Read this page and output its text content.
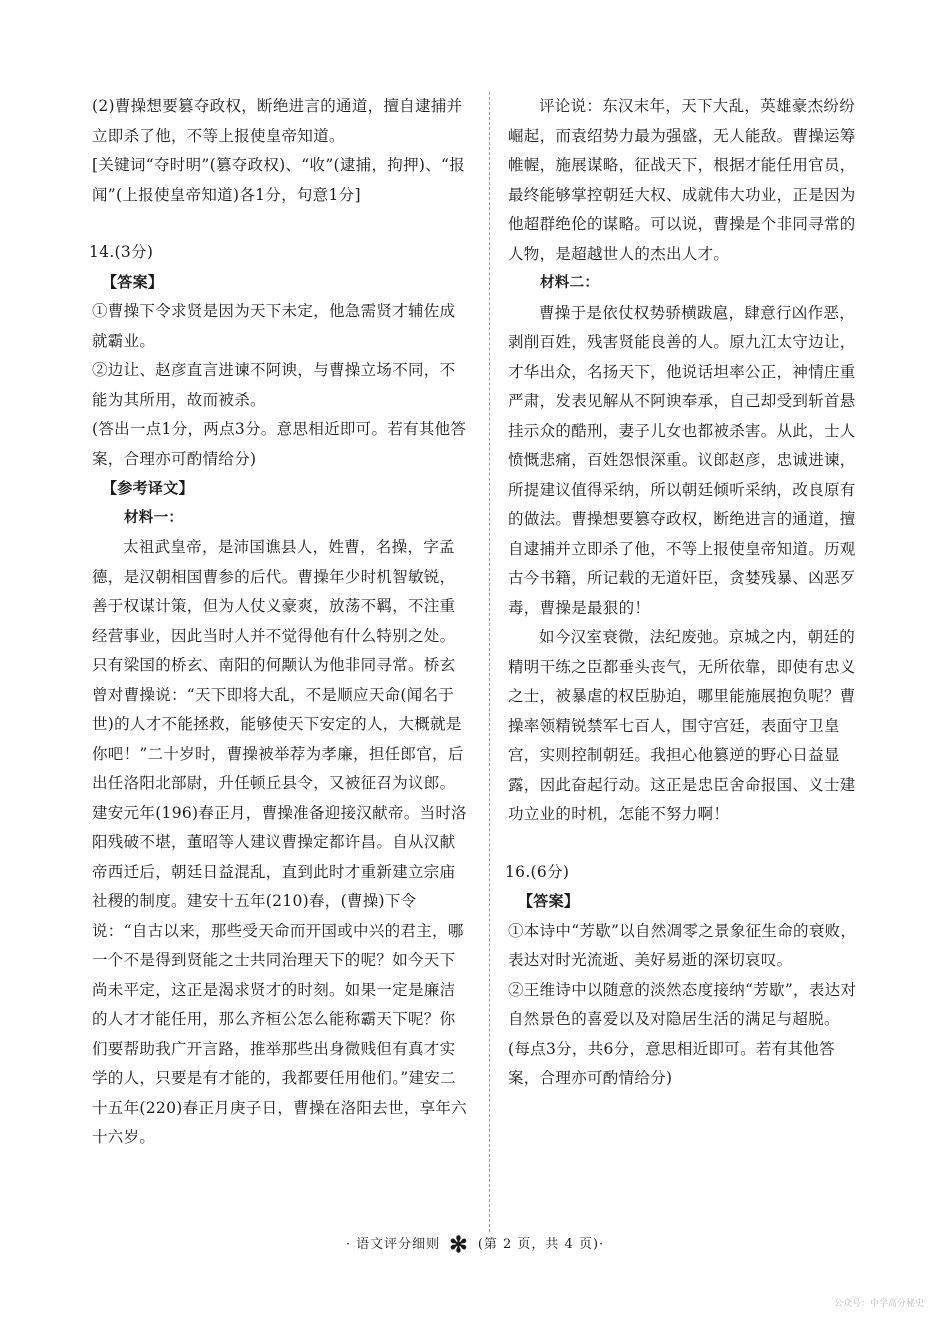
(2)曹操想要篡夺政权，断绝进言的通道，擅自逮捕并立即杀了他，不等上报使皇帝知道。

[关键词“夺时明”(篡夺政权)、“收”(逮捕，拘押)、“报闻”(上报使皇帝知道)各1分，句意1分]

14.(3分)

【答案】

①曹操下令求贤是因为天下未定，他急需贤才辅佐成就霸业。

②边让、赵彦直言进谏不阿谀，与曹操立场不同，不能为其所用，故而被杀。

(答出一点1分，两点3分。意思相近即可。若有其他答案，合理亦可酌情给分)

【参考译文】

材料一：

太祖武皇帝，是沛国谯县人，姓曹，名操，字孟德，是汉朝相国曹参的后代。曹操年少时机智敏锐，善于权谋计策，但为人仗义豪爽，放荡不羁，不注重经营事业，因此当时人并不觉得他有什么特别之处。只有梁国的桥玄、南阳的何颙认为他非同寻常。桥玄曾对曹操说：“天下即将大乱，不是顺应天命(闻名于世)的人才不能拯救，能够使天下安定的人，大概就是你吧！”二十岁时，曹操被举荐为孝廉，担任郎官，后出任洛阳北部尉，升任顿丘县令，又被征召为议郎。建安元年(196)春正月，曹操准备迎接汉献帝。当时洛阳残破不堪，董昭等人建议曹操定都许昌。自从汉献帝西迁后，朝廷日益混乱，直到此时才重新建立宗庙社稷的制度。建安十五年(210)春，(曹操)下令说：“自古以来，那些受天命而开国或中兴的君主，哪一个不是得到贤能之士共同治理天下的呢？如今天下尚未平定，这正是渴求贤才的时刻。如果一定是廉洁的人才才能任用，那么齐桓公怎么能称霸天下呢？你们要帮助我广开言路，推举那些出身微贱但有真才实学的人，只要是有才能的，我都要任用他们。”建安二十五年(220)春正月庚子日，曹操在洛阳去世，享年六十六岁。

评论说：东汉末年，天下大乱，英雄豪杰纷纷崛起，而袁绍势力最为强盛，无人能敌。曹操运筹帷幄，施展谋略，征战天下，根据才能任用官员，最终能够掌控朝廷大权、成就伟大功业，正是因为他超群绝伦的谋略。可以说，曹操是个非同寻常的人物，是超越世人的杰出人才。

材料二：

曹操于是依仗权势骄横跋扈，肆意行凶作恶，剥削百姓，残害贤能良善的人。原九江太守边让，才华出众，名扬天下，他说话坦率公正，神情庄重严肃，发表见解从不阿谀奉承，自己却受到斩首悬挂示众的酷刑，妻子儿女也都被杀害。从此，士人愤慨悲痛，百姓怨恨深重。议郎赵彦，忠诚进谏，所提建议值得采纳，所以朝廷倾听采纳，改良原有的做法。曹操想要篡夺政权，断绝进言的通道，擅自逮捕并立即杀了他，不等上报使皇帝知道。历观古今书籍，所记载的无道奸臣，贪婪残暴、凶恶歹毒，曹操是最狠的！

如今汉室衰微，法纪废弛。京城之内，朝廷的精明干练之臣都垂头丧气，无所依靠，即使有忠义之士，被暴虐的权臣胁迫，哪里能施展抱负呢？曹操率领精锐禁军七百人，围守宫廷，表面守卫皇宫，实则控制朝廷。我担心他篡逆的野心日益显露，因此奋起行动。这正是忠臣舍命报国、义士建功立业的时机，怎能不努力啊！

16.(6分)

【答案】

①本诗中“芳歇”以自然凋零之景象征生命的衰败，表达对时光流逝、美好易逝的深切哀叹。

②王维诗中以随意的淡然态度接纳“芳歇”，表达对自然景色的喜爱以及对隐居生活的满足与超脱。

(每点3分，共6分，意思相近即可。若有其他答案，合理亦可酌情给分)

· 语文评分细则 ✻ (第 2 页，共 4 页)·
公众号：中学高分秘史
